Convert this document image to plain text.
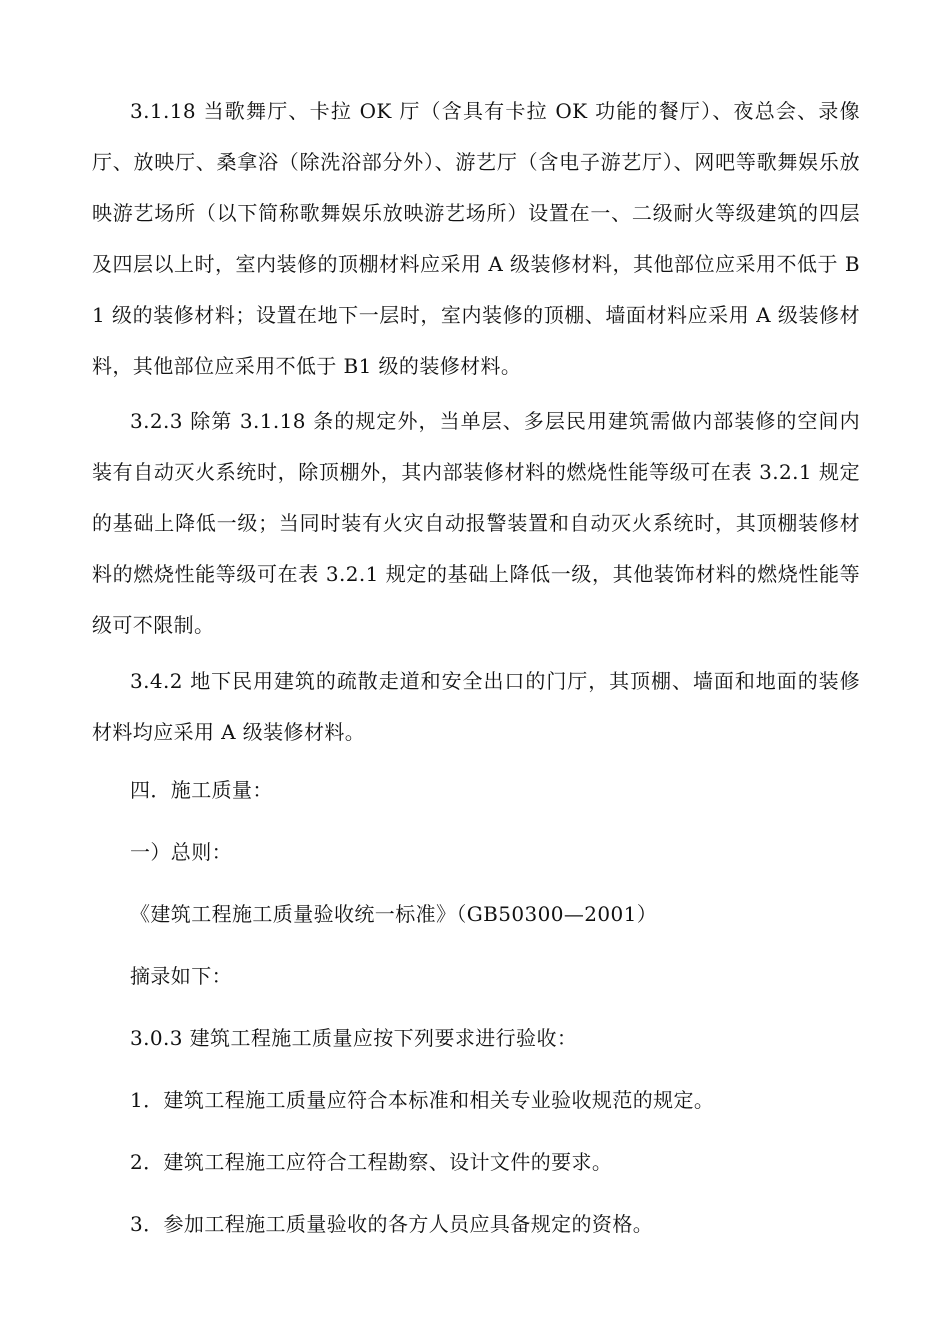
3.1.18 当歌舞厅、卡拉 OK 厅（含具有卡拉 OK 功能的餐厅）、夜总会、录像厅、放映厅、桑拿浴（除洗浴部分外）、游艺厅（含电子游艺厅）、网吧等歌舞娱乐放映游艺场所（以下简称歌舞娱乐放映游艺场所）设置在一、二级耐火等级建筑的四层及四层以上时，室内装修的顶棚材料应采用 A 级装修材料，其他部位应采用不低于 B1 级的装修材料；设置在地下一层时，室内装修的顶棚、墙面材料应采用 A 级装修材料，其他部位应采用不低于 B1 级的装修材料。

3.2.3 除第 3.1.18 条的规定外，当单层、多层民用建筑需做内部装修的空间内装有自动灭火系统时，除顶棚外，其内部装修材料的燃烧性能等级可在表 3.2.1 规定的基础上降低一级；当同时装有火灾自动报警装置和自动灭火系统时，其顶棚装修材料的燃烧性能等级可在表 3.2.1 规定的基础上降低一级，其他装饰材料的燃烧性能等级可不限制。

3.4.2 地下民用建筑的疏散走道和安全出口的门厅，其顶棚、墙面和地面的装修材料均应采用 A 级装修材料。

四．施工质量：

一）总则：

《建筑工程施工质量验收统一标准》（GB50300—2001）

摘录如下：

3.0.3 建筑工程施工质量应按下列要求进行验收：

1．建筑工程施工质量应符合本标准和相关专业验收规范的规定。

2．建筑工程施工应符合工程勘察、设计文件的要求。

3．参加工程施工质量验收的各方人员应具备规定的资格。
